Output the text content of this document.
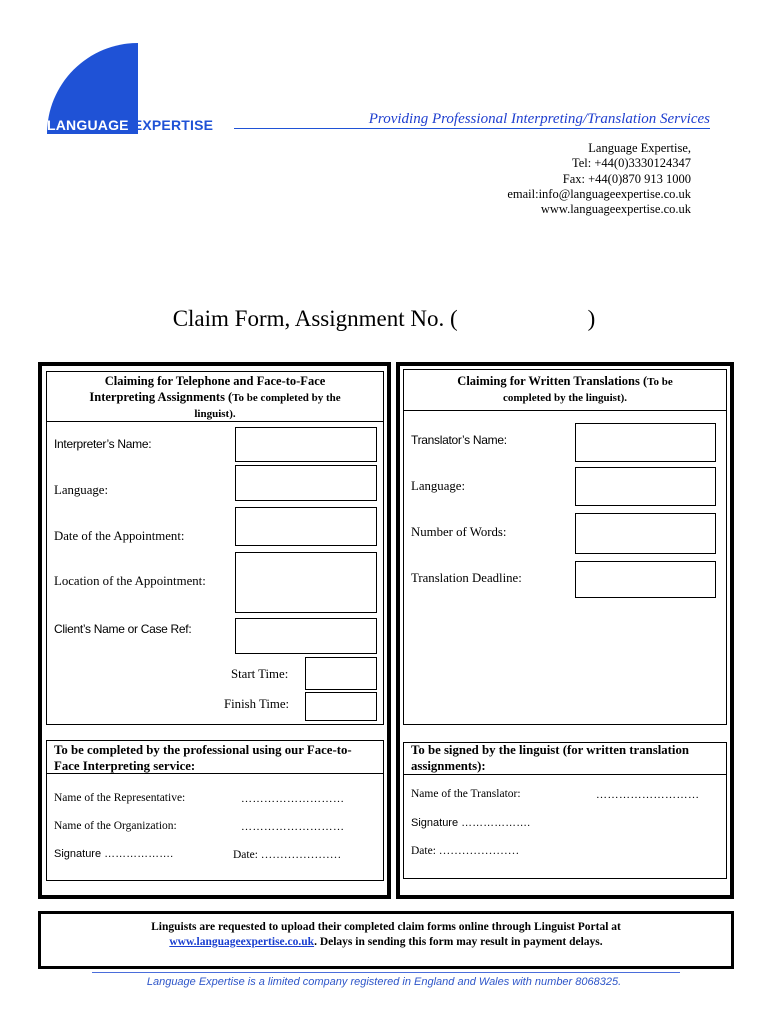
LANGUAGE EXPERTISE	Providing Professional Interpreting/Translation Services
Language Expertise,
Tel: +44(0)3330124347
Fax: +44(0)870 913 1000
email:info@languageexpertise.co.uk
www.languageexpertise.co.uk
Claim Form, Assignment No. (	)
Claiming for Telephone and Face-to-Face
Interpreting Assignments (To be completed by the
linguist).
Interpreter’s Name:
Language:
Date of the Appointment:
Location of the Appointment:
Client’s Name or Case Ref:
Start Time:
Finish Time:
To be completed by the professional using our Face-to-Face Interpreting service:
Name of the Representative:	………………………
Name of the Organization:	………………………
Signature ……………….	Date: …………………
Claiming for Written Translations (To be
completed by the linguist).
Translator’s Name:
Language:
Number of Words:
Translation Deadline:
To be signed by the linguist (for written translation assignments):
Name of the Translator:	………………………
Signature ……………….
Date: …………………
Linguists are requested to upload their completed claim forms online through Linguist Portal at
www.languageexpertise.co.uk. Delays in sending this form may result in payment delays.
Language Expertise is a limited company registered in England and Wales with number 8068325.
